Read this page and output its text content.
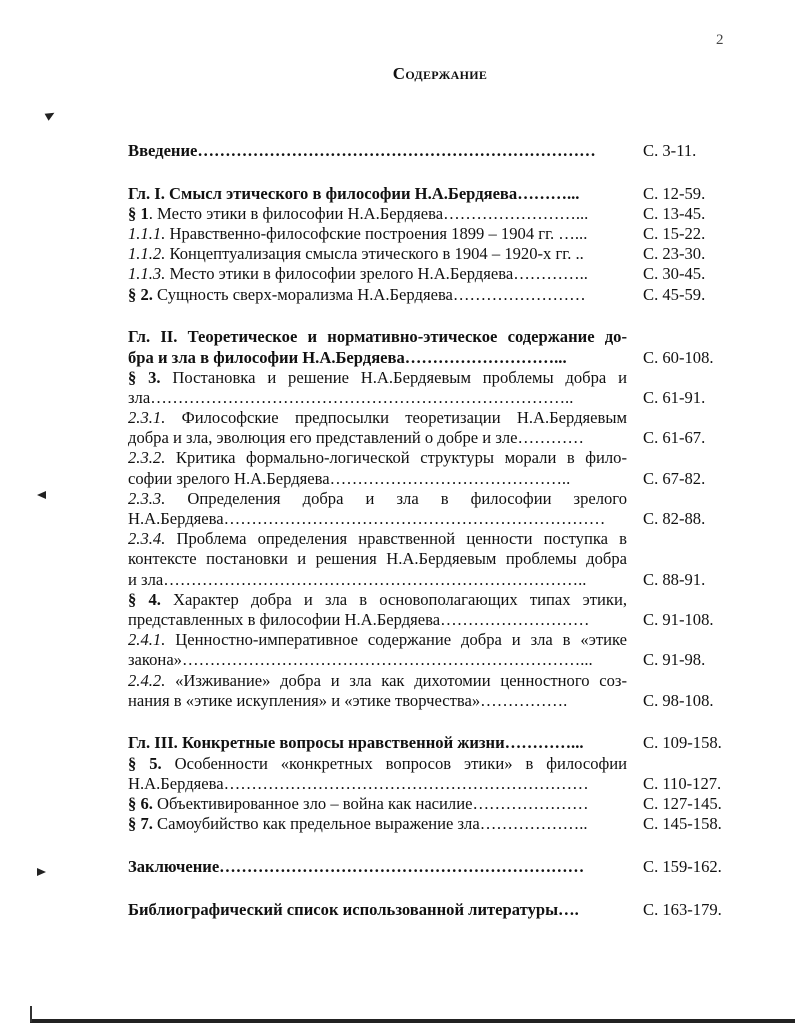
2
Содержание
Введение………………………………………………………………	С. 3-11.
Гл. I. Смысл этического в философии Н.А.Бердяева………...	С. 12-59.
§ 1. Место этики в философии Н.А.Бердяева……………………...	С. 13-45.
1.1.1. Нравственно-философские построения 1899 – 1904 гг. …...	С. 15-22.
1.1.2. Концептуализация смысла этического в 1904 – 1920-х гг. ..	С. 23-30.
1.1.3. Место этики в философии зрелого Н.А.Бердяева…………..	С. 30-45.
§ 2. Сущность сверх-морализма Н.А.Бердяева……………………	С. 45-59.
Гл. II. Теоретическое и нормативно-этическое содержание до-
бра и зла в философии Н.А.Бердяева………………………...	С. 60-108.
§ 3. Постановка и решение Н.А.Бердяевым проблемы добра и
зла…………………………………………………………………..	С. 61-91.
2.3.1. Философские предпосылки теоретизации Н.А.Бердяевым
добра и зла, эволюция его представлений о добре и зле…………	С. 61-67.
2.3.2. Критика формально-логической структуры морали в фило-
софии зрелого Н.А.Бердяева……………………………………..	С. 67-82.
2.3.3. Определения добра и зла в философии зрелого
Н.А.Бердяева……………………………………………………………	С. 82-88.
2.3.4. Проблема определения нравственной ценности поступка в
контексте постановки и решения Н.А.Бердяевым проблемы добра
и зла…………………………………………………………………..	С. 88-91.
§ 4. Характер добра и зла в основополагающих типах этики,
представленных в философии Н.А.Бердяева………………………	С. 91-108.
2.4.1. Ценностно-императивное содержание добра и зла в «этике
закона»………………………………………………………………...	С. 91-98.
2.4.2. «Изживание» добра и зла как дихотомии ценностного соз-
нания в «этике искупления» и «этике творчества»…………….	С. 98-108.
Гл. III. Конкретные вопросы нравственной жизни…………...	С. 109-158.
§ 5. Особенности «конкретных вопросов этики» в философии
Н.А.Бердяева…………………………………………………………	С. 110-127.
§ 6. Объективированное зло – война как насилие…………………	С. 127-145.
§ 7. Самоубийство как предельное выражение зла………………..	С. 145-158.
Заключение…………………………………………………………	С. 159-162.
Библиографический список использованной литературы….	С. 163-179.
